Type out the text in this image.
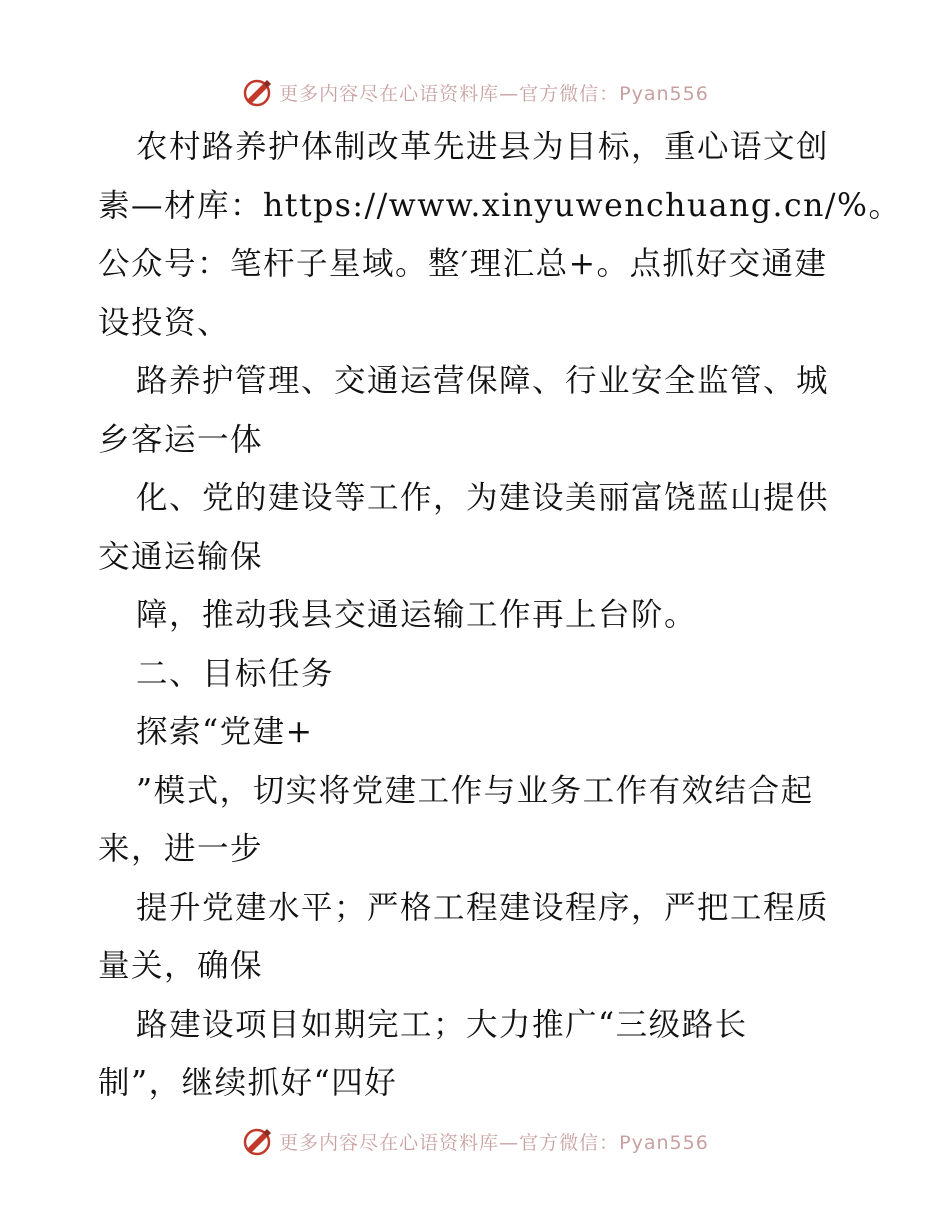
更多内容尽在心语资料库—官方微信：Pyan556
农村路养护体制改革先进县为目标，重心语文创
素—材库：https://www.xinyuwenchuang.cn/%。
公众号：笔杆子星域。整′理汇总+。点抓好交通建
设投资、
路养护管理、交通运营保障、行业安全监管、城
乡客运一体
化、党的建设等工作，为建设美丽富饶蓝山提供
交通运输保
障，推动我县交通运输工作再上台阶。
二、目标任务
探索“党建+
”模式，切实将党建工作与业务工作有效结合起
来，进一步
提升党建水平；严格工程建设程序，严把工程质
量关，确保
路建设项目如期完工；大力推广“三级路长
制”，继续抓好“四好
更多内容尽在心语资料库—官方微信：Pyan556
